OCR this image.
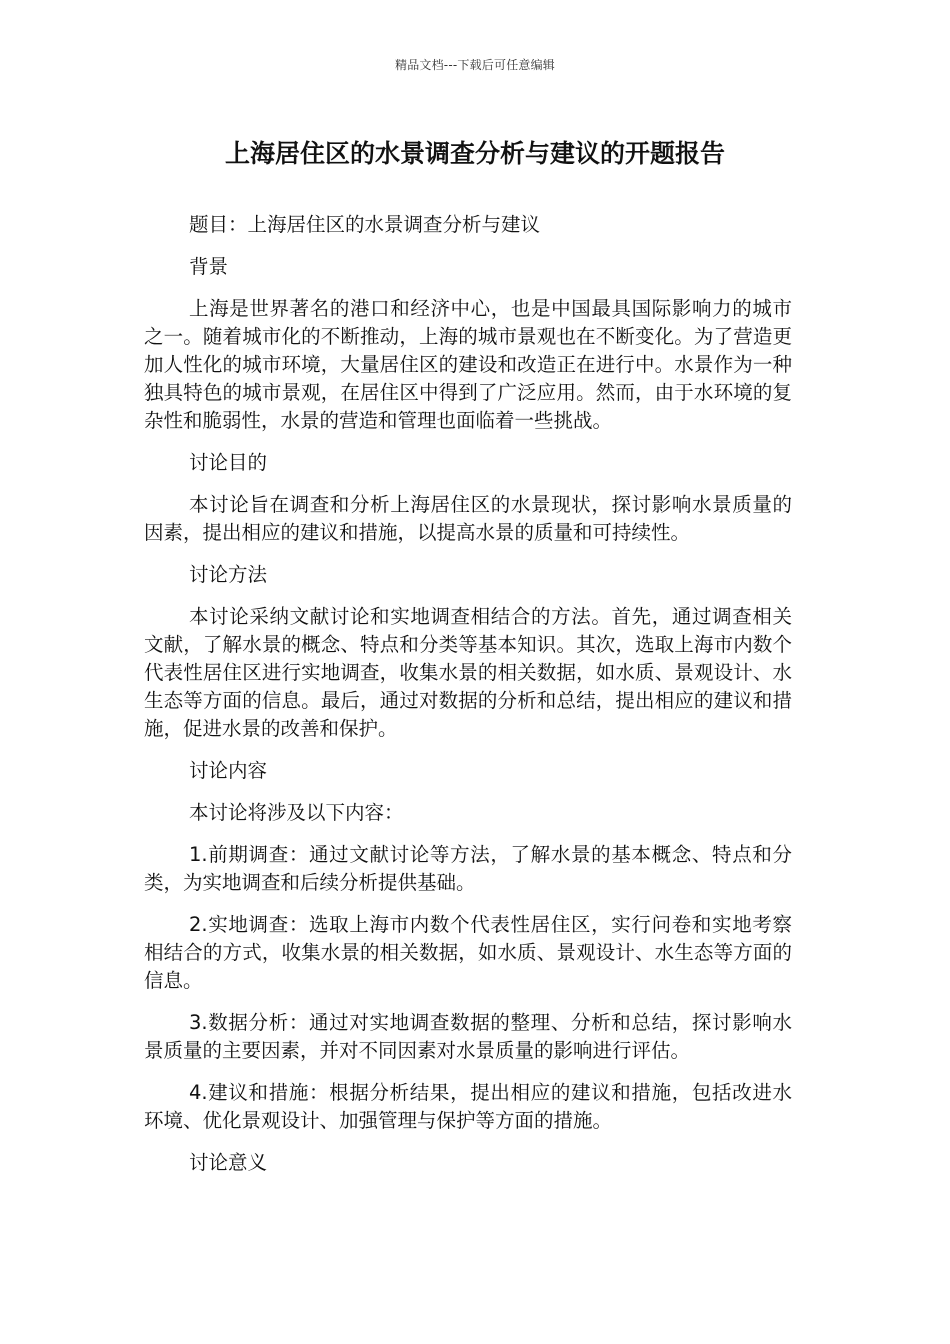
精品文档---下载后可任意编辑
上海居住区的水景调查分析与建议的开题报告

题目：上海居住区的水景调查分析与建议

背景

上海是世界著名的港口和经济中心，也是中国最具国际影响力的城市之一。随着城市化的不断推动，上海的城市景观也在不断变化。为了营造更加人性化的城市环境，大量居住区的建设和改造正在进行中。水景作为一种独具特色的城市景观，在居住区中得到了广泛应用。然而，由于水环境的复杂性和脆弱性，水景的营造和管理也面临着一些挑战。

讨论目的

本讨论旨在调查和分析上海居住区的水景现状，探讨影响水景质量的因素，提出相应的建议和措施，以提高水景的质量和可持续性。

讨论方法

本讨论采纳文献讨论和实地调查相结合的方法。首先，通过调查相关文献，了解水景的概念、特点和分类等基本知识。其次，选取上海市内数个代表性居住区进行实地调查，收集水景的相关数据，如水质、景观设计、水生态等方面的信息。最后，通过对数据的分析和总结，提出相应的建议和措施，促进水景的改善和保护。

讨论内容

本讨论将涉及以下内容：

1.前期调查：通过文献讨论等方法，了解水景的基本概念、特点和分类，为实地调查和后续分析提供基础。

2.实地调查：选取上海市内数个代表性居住区，实行问卷和实地考察相结合的方式，收集水景的相关数据，如水质、景观设计、水生态等方面的信息。

3.数据分析：通过对实地调查数据的整理、分析和总结，探讨影响水景质量的主要因素，并对不同因素对水景质量的影响进行评估。

4.建议和措施：根据分析结果，提出相应的建议和措施，包括改进水环境、优化景观设计、加强管理与保护等方面的措施。

讨论意义
